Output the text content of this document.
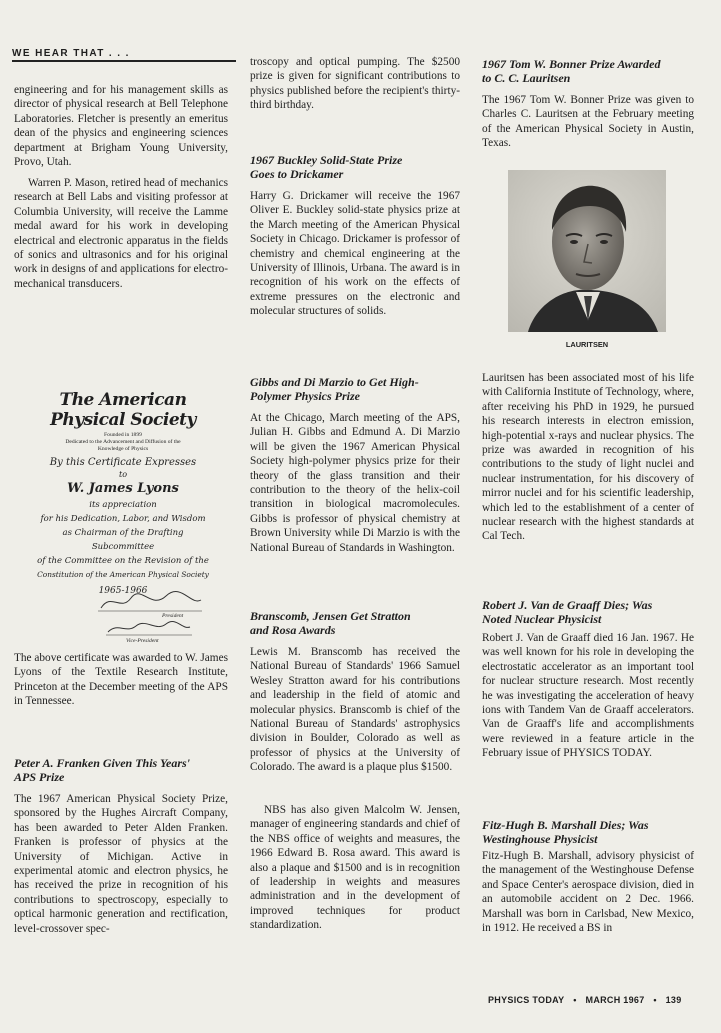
WE HEAR THAT . . .

engineering and for his management skills as director of physical research at Bell Telephone Laboratories. Fletcher is presently an emeritus dean of the physics and engineering sciences department at Brigham Young University, Provo, Utah.

Warren P. Mason, retired head of mechanics research at Bell Labs and visiting professor at Columbia University, will receive the Lamme medal award for his work in developing electrical and electronic apparatus in the fields of sonics and ultrasonics and for his original work in designs of and applications for electro-mechanical transducers.

The above certificate was awarded to W. James Lyons of the Textile Research Institute, Princeton at the December meeting of the APS in Tennessee.

Peter A. Franken Given This Years' APS Prize

The 1967 American Physical Society Prize, sponsored by the Hughes Aircraft Company, has been awarded to Peter Alden Franken. Franken is professor of physics at the University of Michigan. Active in experimental atomic and electron physics, he has received the prize in recognition of his contributions to spectroscopy, especially to optical harmonic generation and rectification, level-crossover spec-

The American Physical Society
Founded in 1899
Dedicated to the Advancement and Diffusion of the Knowledge of Physics
By this Certificate Expresses
to
W. James Lyons
its appreciation
for his Dedication, Labor, and Wisdom
as Chairman of the Drafting Subcommittee
of the Committee on the Revision of the
Constitution of the American Physical Society
1965-1966
President
Vice-President

troscopy and optical pumping. The $2500 prize is given for significant contributions to physics published before the recipient's thirty-third birthday.

1967 Buckley Solid-State Prize Goes to Drickamer

Harry G. Drickamer will receive the 1967 Oliver E. Buckley solid-state physics prize at the March meeting of the American Physical Society in Chicago. Drickamer is professor of chemistry and chemical engineering at the University of Illinois, Urbana. The award is in recognition of his work on the effects of extreme pressures on the electronic and molecular structures of solids.

Gibbs and Di Marzio to Get High-Polymer Physics Prize

At the Chicago, March meeting of the APS, Julian H. Gibbs and Edmund A. Di Marzio will be given the 1967 American Physical Society high-polymer physics prize for their theory of the glass transition and their contribution to the theory of the helix-coil transition in biological macromolecules. Gibbs is professor of physical chemistry at Brown University while Di Marzio is with the National Bureau of Standards in Washington.

Branscomb, Jensen Get Stratton and Rosa Awards

Lewis M. Branscomb has received the National Bureau of Standards' 1966 Samuel Wesley Stratton award for his contributions and leadership in the field of atomic and molecular physics. Branscomb is chief of the National Bureau of Standards' astrophysics division in Boulder, Colorado as well as professor of physics at the University of Colorado. The award is a plaque plus $1500.

NBS has also given Malcolm W. Jensen, manager of engineering standards and chief of the NBS office of weights and measures, the 1966 Edward B. Rosa award. This award is also a plaque and $1500 and is in recognition of leadership in weights and measures administration and in the development of improved techniques for product standardization.

1967 Tom W. Bonner Prize Awarded to C. C. Lauritsen

The 1967 Tom W. Bonner Prize was given to Charles C. Lauritsen at the February meeting of the American Physical Society in Austin, Texas.

Lauritsen has been associated most of his life with California Institute of Technology, where, after receiving his PhD in 1929, he pursued his research interests in electron emission, high-potential x-rays and nuclear physics. The prize was awarded in recognition of his contributions to the study of light nuclei and nuclear instrumentation, for his discovery of mirror nuclei and for his scientific leadership, which led to the establishment of a center of nuclear research with the highest standards at Cal Tech.

Robert J. Van de Graaff Dies; Was Noted Nuclear Physicist

Robert J. Van de Graaff died 16 Jan. 1967. He was well known for his role in developing the electrostatic accelerator as an important tool for nuclear structure research. Most recently he was investigating the acceleration of heavy ions with Tandem Van de Graaff accelerators. Van de Graaff's life and accomplishments were reviewed in a feature article in the February issue of PHYSICS TODAY.

Fitz-Hugh B. Marshall Dies; Was Westinghouse Physicist

Fitz-Hugh B. Marshall, advisory physicist of the management of the Westinghouse Defense and Space Center's aerospace division, died in an automobile accident on 2 Dec. 1966. Marshall was born in Carlsbad, New Mexico, in 1912. He received a BS in

LAURITSEN
PHYSICS TODAY • MARCH 1967 • 139
